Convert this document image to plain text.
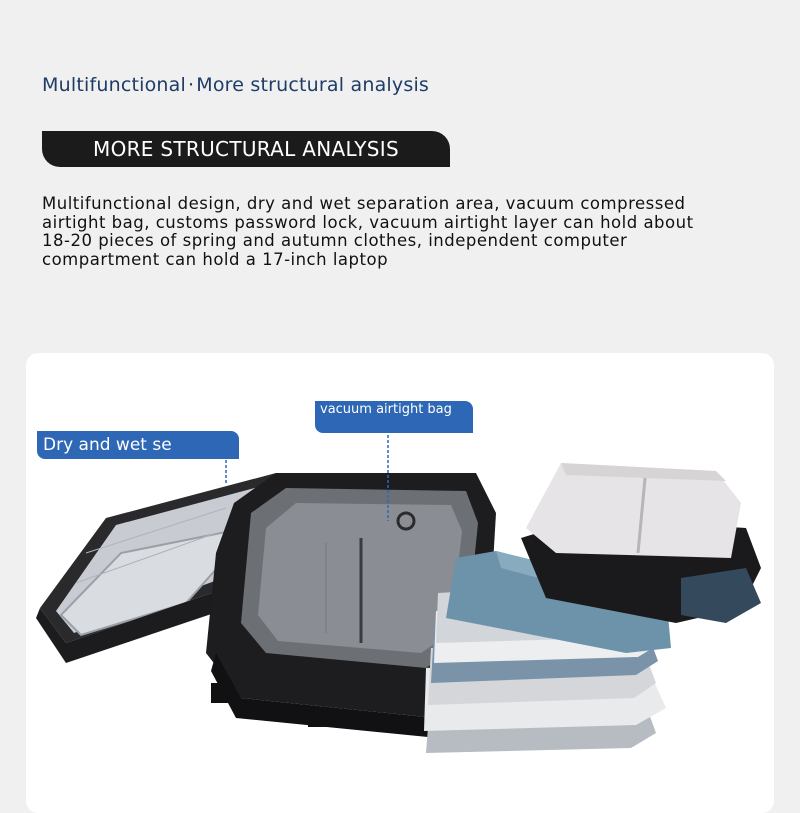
Multifunctional · More structural analysis
MORE STRUCTURAL ANALYSIS
Multifunctional design, dry and wet separation area, vacuum compressed airtight bag, customs password lock, vacuum airtight layer can hold about 18-20 pieces of spring and autumn clothes, independent computer compartment can hold a 17-inch laptop
Dry and wet se
vacuum airtight bag
